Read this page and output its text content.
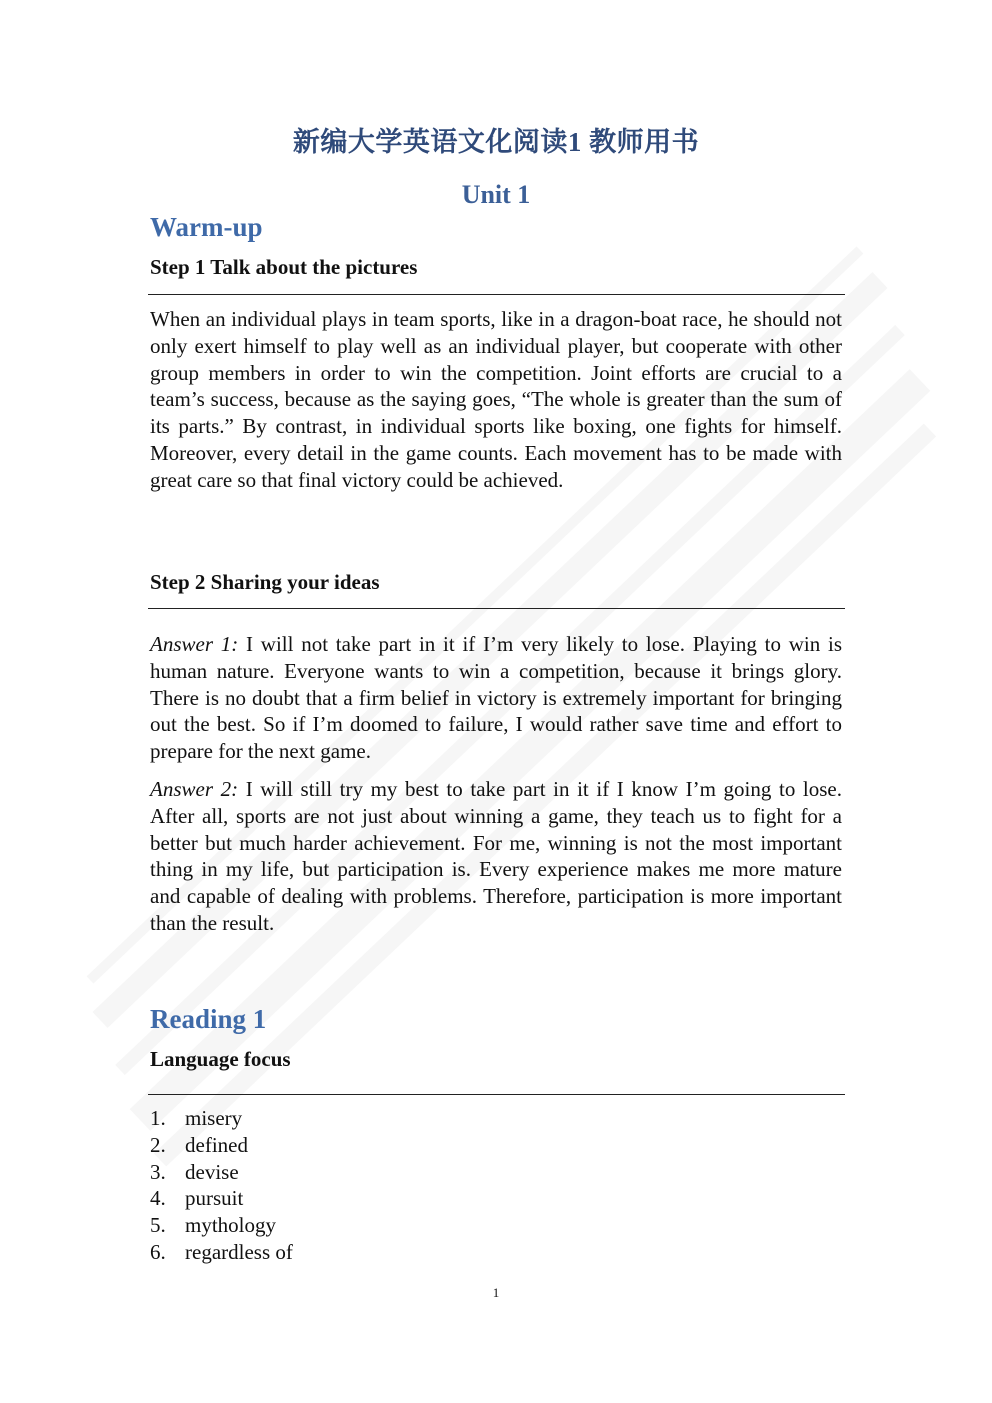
新编大学英语文化阅读1 教师用书
Unit 1
Warm-up
Step 1 Talk about the pictures

When an individual plays in team sports, like in a dragon-boat race, he should not only exert himself to play well as an individual player, but cooperate with other group members in order to win the competition. Joint efforts are crucial to a team’s success, because as the saying goes, “The whole is greater than the sum of its parts.” By contrast, in individual sports like boxing, one fights for himself. Moreover, every detail in the game counts. Each movement has to be made with great care so that final victory could be achieved.

Step 2 Sharing your ideas

Answer 1: I will not take part in it if I’m very likely to lose. Playing to win is human nature. Everyone wants to win a competition, because it brings glory. There is no doubt that a firm belief in victory is extremely important for bringing out the best. So if I’m doomed to failure, I would rather save time and effort to prepare for the next game.

Answer 2: I will still try my best to take part in it if I know I’m going to lose. After all, sports are not just about winning a game, they teach us to fight for a better but much harder achievement. For me, winning is not the most important thing in my life, but participation is. Every experience makes me more mature and capable of dealing with problems. Therefore, participation is more important than the result.

Reading 1
Language focus
1. misery
2. defined
3. devise
4. pursuit
5. mythology
6. regardless of
1
